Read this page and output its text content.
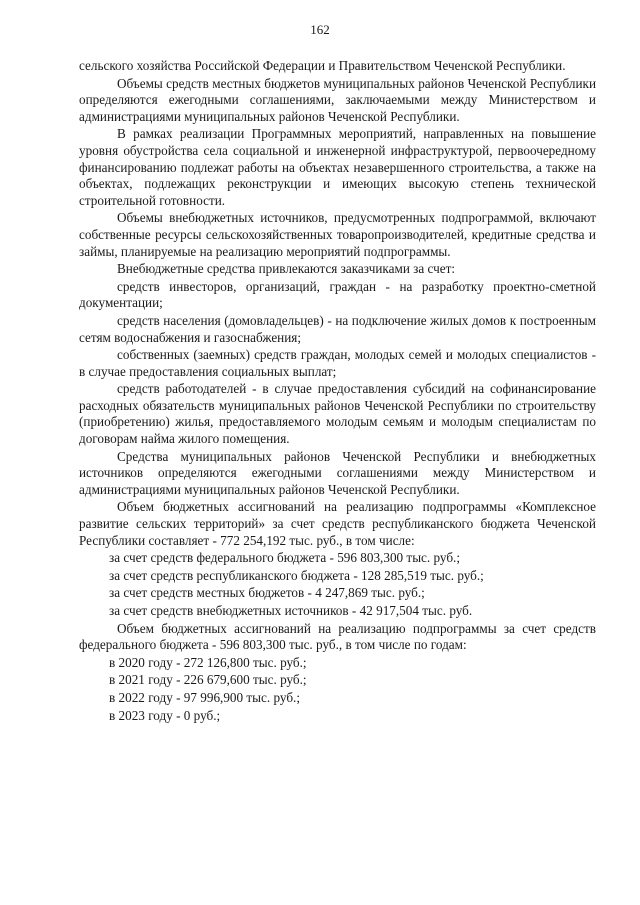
162

сельского хозяйства Российской Федерации и Правительством Чеченской Республики.

Объемы средств местных бюджетов муниципальных районов Чеченской Республики определяются ежегодными соглашениями, заключаемыми между Министерством и администрациями муниципальных районов Чеченской Республики.

В рамках реализации Программных мероприятий, направленных на повышение уровня обустройства села социальной и инженерной инфраструктурой, первоочередному финансированию подлежат работы на объектах незавершенного строительства, а также на объектах, подлежащих реконструкции и имеющих высокую степень технической строительной готовности.

Объемы внебюджетных источников, предусмотренных подпрограммой, включают собственные ресурсы сельскохозяйственных товаропроизводителей, кредитные средства и займы, планируемые на реализацию мероприятий подпрограммы.

Внебюджетные средства привлекаются заказчиками за счет:

средств инвесторов, организаций, граждан - на разработку проектно-сметной документации;

средств населения (домовладельцев) - на подключение жилых домов к построенным сетям водоснабжения и газоснабжения;

собственных (заемных) средств граждан, молодых семей и молодых специалистов - в случае предоставления социальных выплат;

средств работодателей - в случае предоставления субсидий на софинансирование расходных обязательств муниципальных районов Чеченской Республики по строительству (приобретению) жилья, предоставляемого молодым семьям и молодым специалистам по договорам найма жилого помещения.

Средства муниципальных районов Чеченской Республики и внебюджетных источников определяются ежегодными соглашениями между Министерством и администрациями муниципальных районов Чеченской Республики.

Объем бюджетных ассигнований на реализацию подпрограммы «Комплексное развитие сельских территорий» за счет средств республиканского бюджета Чеченской Республики составляет - 772 254,192 тыс. руб., в том числе:

за счет средств федерального бюджета - 596 803,300 тыс. руб.;

за счет средств республиканского бюджета - 128 285,519 тыс. руб.;

за счет средств местных бюджетов - 4 247,869 тыс. руб.;

за счет средств внебюджетных источников - 42 917,504 тыс. руб.

Объем бюджетных ассигнований на реализацию подпрограммы за счет средств федерального бюджета - 596 803,300 тыс. руб., в том числе по годам:

в 2020 году - 272 126,800 тыс. руб.;

в 2021 году - 226 679,600 тыс. руб.;

в 2022 году - 97 996,900 тыс. руб.;

в 2023 году - 0 руб.;
